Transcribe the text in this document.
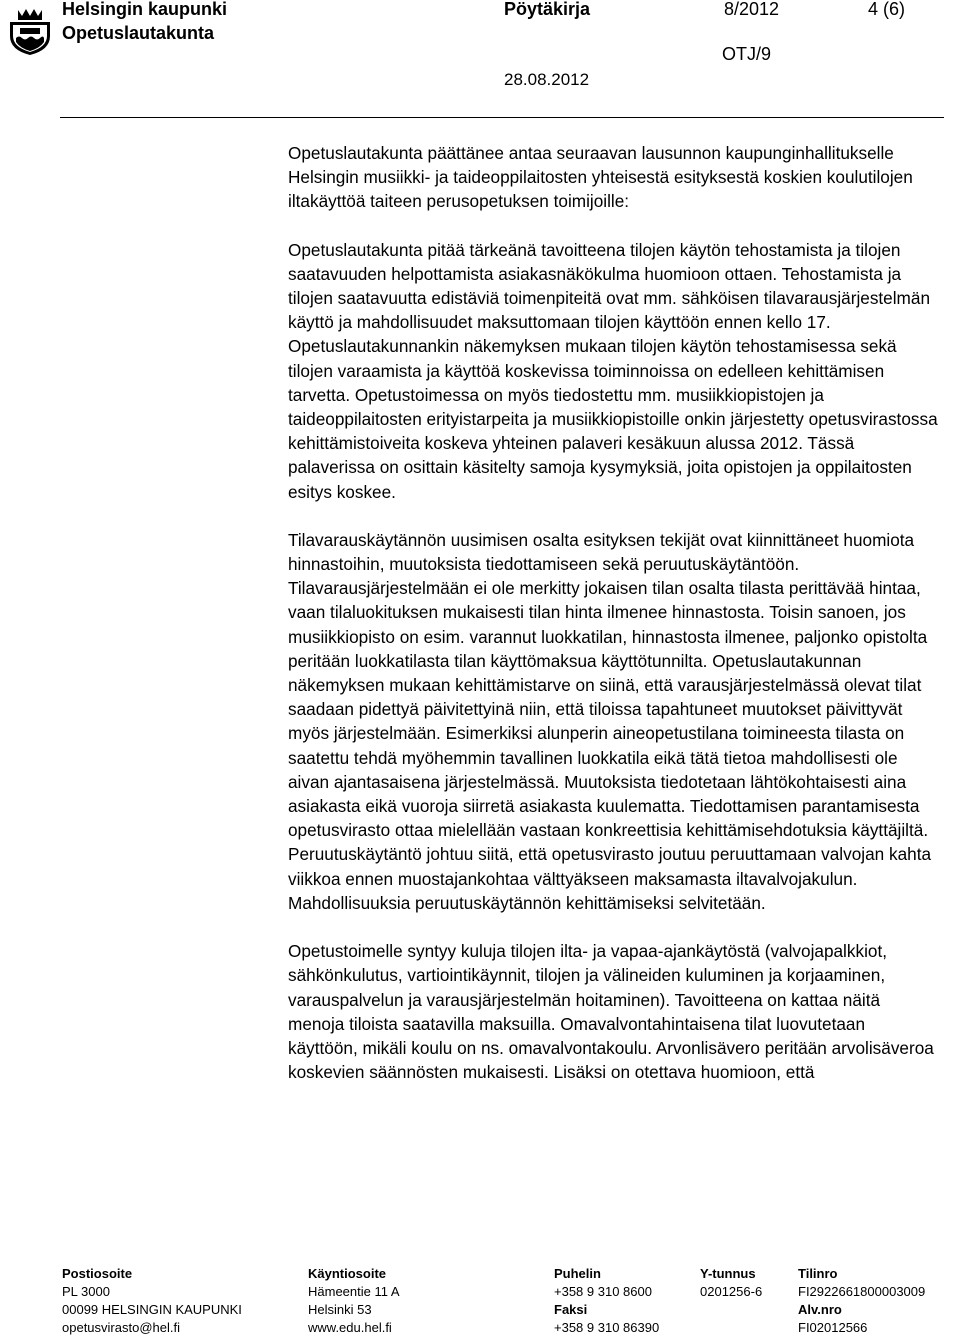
Helsingin kaupunki
Opetuslautakunta
Pöytäkirja	8/2012	4 (6)
OTJ/9
28.08.2012

Opetuslautakunta päättänee antaa seuraavan lausunnon kaupunginhallitukselle Helsingin musiikki- ja taideoppilaitosten yhteisestä esityksestä koskien koulutilojen iltakäyttöä taiteen perusopetuksen toimijoille:

Opetuslautakunta pitää tärkeänä tavoitteena tilojen käytön tehostamista ja tilojen saatavuuden helpottamista asiakasnäkökulma huomioon ottaen. Tehostamista ja tilojen saatavuutta edistäviä toimenpiteitä ovat mm. sähköisen tilavarausjärjestelmän käyttö ja mahdollisuudet maksuttomaan tilojen käyttöön ennen kello 17. Opetuslautakunnankin näkemyksen mukaan tilojen käytön tehostamisessa sekä tilojen varaamista ja käyttöä koskevissa toiminnoissa on edelleen kehittämisen tarvetta. Opetustoimessa on myös tiedostettu mm. musiikkiopistojen ja taideoppilaitosten erityistarpeita ja musiikkiopistoille onkin järjestetty opetusvirastossa kehittämistoiveita koskeva yhteinen palaveri kesäkuun alussa 2012. Tässä palaverissa on osittain käsitelty samoja kysymyksiä, joita opistojen ja oppilaitosten esitys koskee.

Tilavarauskäytännön uusimisen osalta esityksen tekijät ovat kiinnittäneet huomiota hinnastoihin, muutoksista tiedottamiseen sekä peruutuskäytäntöön. Tilavarausjärjestelmään ei ole merkitty jokaisen tilan osalta tilasta perittävää hintaa, vaan tilaluokituksen mukaisesti tilan hinta ilmenee hinnastosta. Toisin sanoen, jos musiikkiopisto on esim. varannut luokkatilan, hinnastosta ilmenee, paljonko opistolta peritään luokkatilasta tilan käyttömaksua käyttötunnilta. Opetuslautakunnan näkemyksen mukaan kehittämistarve on siinä, että varausjärjestelmässä olevat tilat saadaan pidettyä päivitettyinä niin, että tiloissa tapahtuneet muutokset päivittyvät myös järjestelmään. Esimerkiksi alunperin aineopetustilana toimineesta tilasta on saatettu tehdä myöhemmin tavallinen luokkatila eikä tätä tietoa mahdollisesti ole aivan ajantasaisena järjestelmässä. Muutoksista tiedotetaan lähtökohtaisesti aina asiakasta eikä vuoroja siirretä asiakasta kuulematta. Tiedottamisen parantamisesta opetusvirasto ottaa mielellään vastaan konkreettisia kehittämisehdotuksia käyttäjiltä. Peruutuskäytäntö johtuu siitä, että opetusvirasto joutuu peruuttamaan valvojan kahta viikkoa ennen muostajankohtaa välttyäkseen maksamasta iltavalvojakulun. Mahdollisuuksia peruutuskäytännön kehittämiseksi selvitetään.

Opetustoimelle syntyy kuluja tilojen ilta- ja vapaa-ajankäytöstä (valvojapalkkiot, sähkönkulutus, vartiointikäynnit, tilojen ja välineiden kuluminen ja korjaaminen, varauspalvelun ja varausjärjestelmän hoitaminen). Tavoitteena on kattaa näitä menoja tiloista saatavilla maksuilla. Omavalvontahintaisena tilat luovutetaan käyttöön, mikäli koulu on ns. omavalvontakoulu. Arvonlisävero peritään arvolisäveroa koskevien säännösten mukaisesti. Lisäksi on otettava huomioon, että

Postiosoite
PL 3000
00099 HELSINGIN KAUPUNKI
opetusvirasto@hel.fi
Käyntiosoite
Hämeentie 11 A
Helsinki 53
www.edu.hel.fi
Puhelin
+358 9 310 8600
Faksi
+358 9 310 86390
Y-tunnus
0201256-6
Tilinro
FI2922661800003009
Alv.nro
FI02012566
